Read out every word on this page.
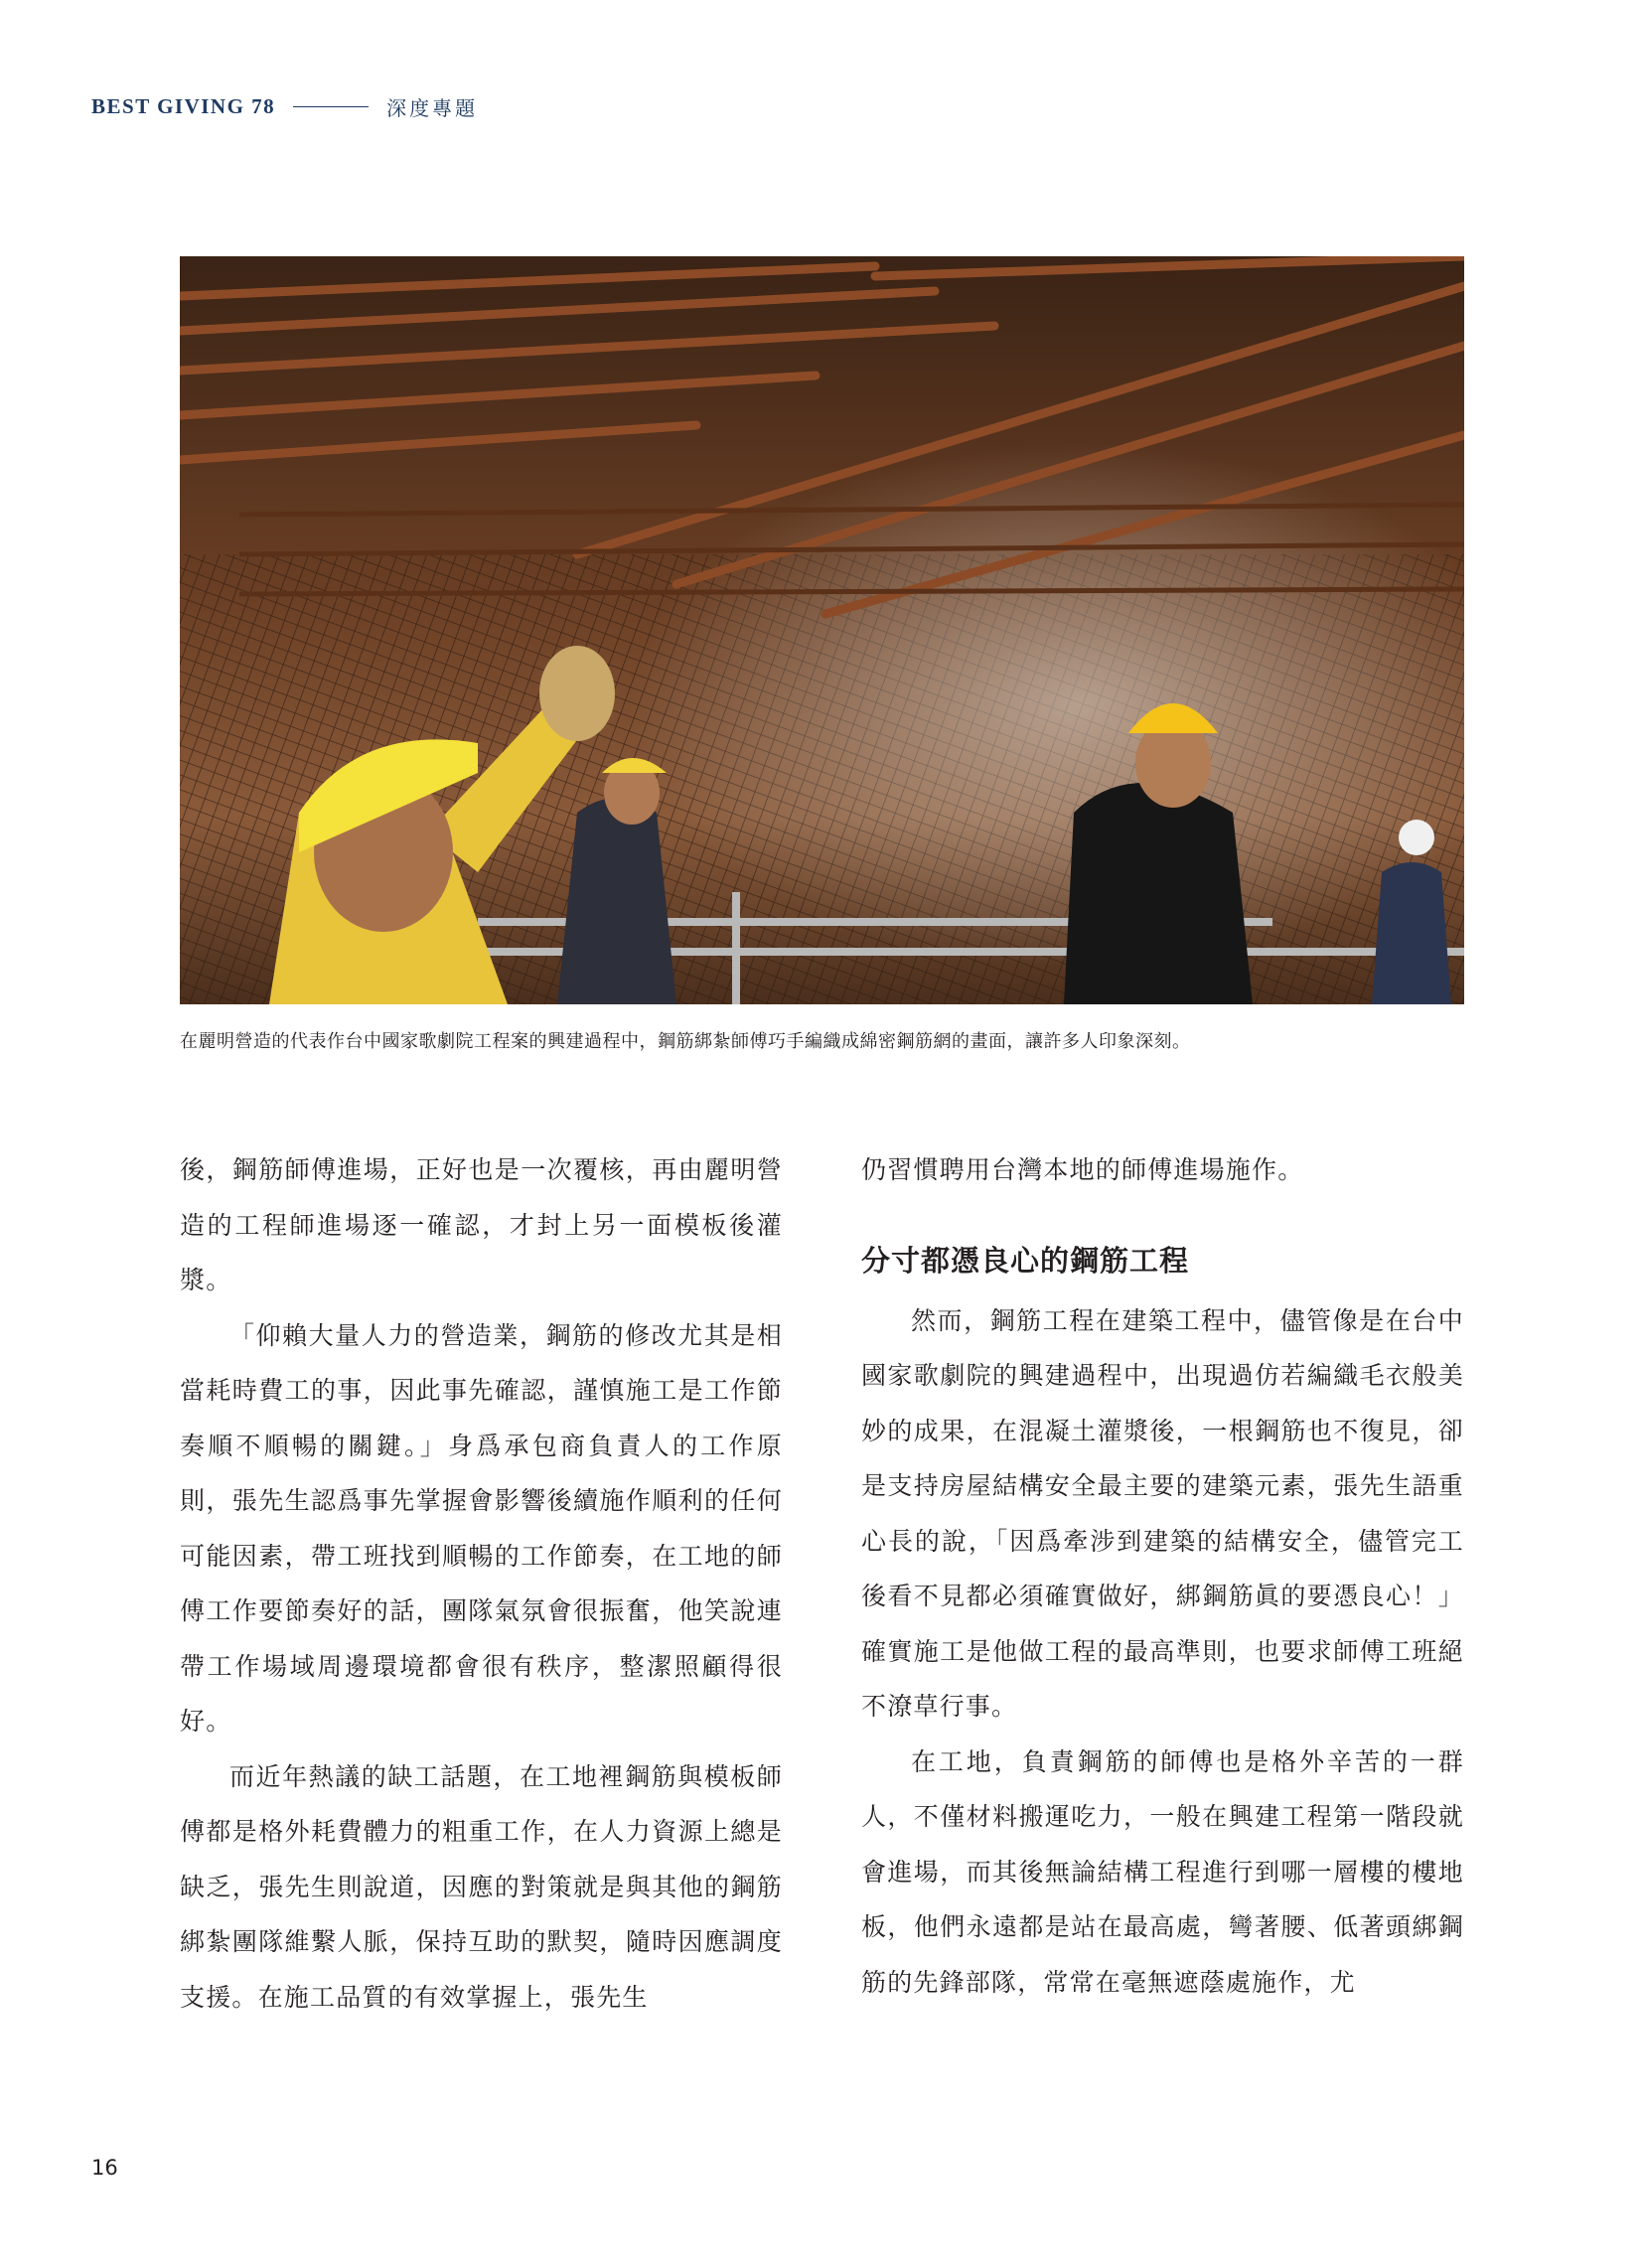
BEST GIVING 78	深度專題
在麗明營造的代表作台中國家歌劇院工程案的興建過程中，鋼筋綁紮師傅巧手編織成綿密鋼筋網的畫面，讓許多人印象深刻。

後，鋼筋師傅進場，正好也是一次覆核，再由麗明營造的工程師進場逐一確認，才封上另一面模板後灌漿。

「仰賴大量人力的營造業，鋼筋的修改尤其是相當耗時費工的事，因此事先確認，謹慎施工是工作節奏順不順暢的關鍵。」身爲承包商負責人的工作原則，張先生認爲事先掌握會影響後續施作順利的任何可能因素，帶工班找到順暢的工作節奏，在工地的師傅工作要節奏好的話，團隊氣氛會很振奮，他笑說連帶工作場域周邊環境都會很有秩序，整潔照顧得很好。

而近年熱議的缺工話題，在工地裡鋼筋與模板師傅都是格外耗費體力的粗重工作，在人力資源上總是缺乏，張先生則說道，因應的對策就是與其他的鋼筋綁紮團隊維繫人脈，保持互助的默契，隨時因應調度支援。在施工品質的有效掌握上，張先生

仍習慣聘用台灣本地的師傅進場施作。

分寸都憑良心的鋼筋工程

然而，鋼筋工程在建築工程中，儘管像是在台中國家歌劇院的興建過程中，出現過仿若編織毛衣般美妙的成果，在混凝土灌漿後，一根鋼筋也不復見，卻是支持房屋結構安全最主要的建築元素，張先生語重心長的說，「因爲牽涉到建築的結構安全，儘管完工後看不見都必須確實做好，綁鋼筋眞的要憑良心！」確實施工是他做工程的最高準則，也要求師傅工班絕不潦草行事。

在工地，負責鋼筋的師傅也是格外辛苦的一群人，不僅材料搬運吃力，一般在興建工程第一階段就會進場，而其後無論結構工程進行到哪一層樓的樓地板，他們永遠都是站在最高處，彎著腰、低著頭綁鋼筋的先鋒部隊，常常在毫無遮蔭處施作，尤

16
